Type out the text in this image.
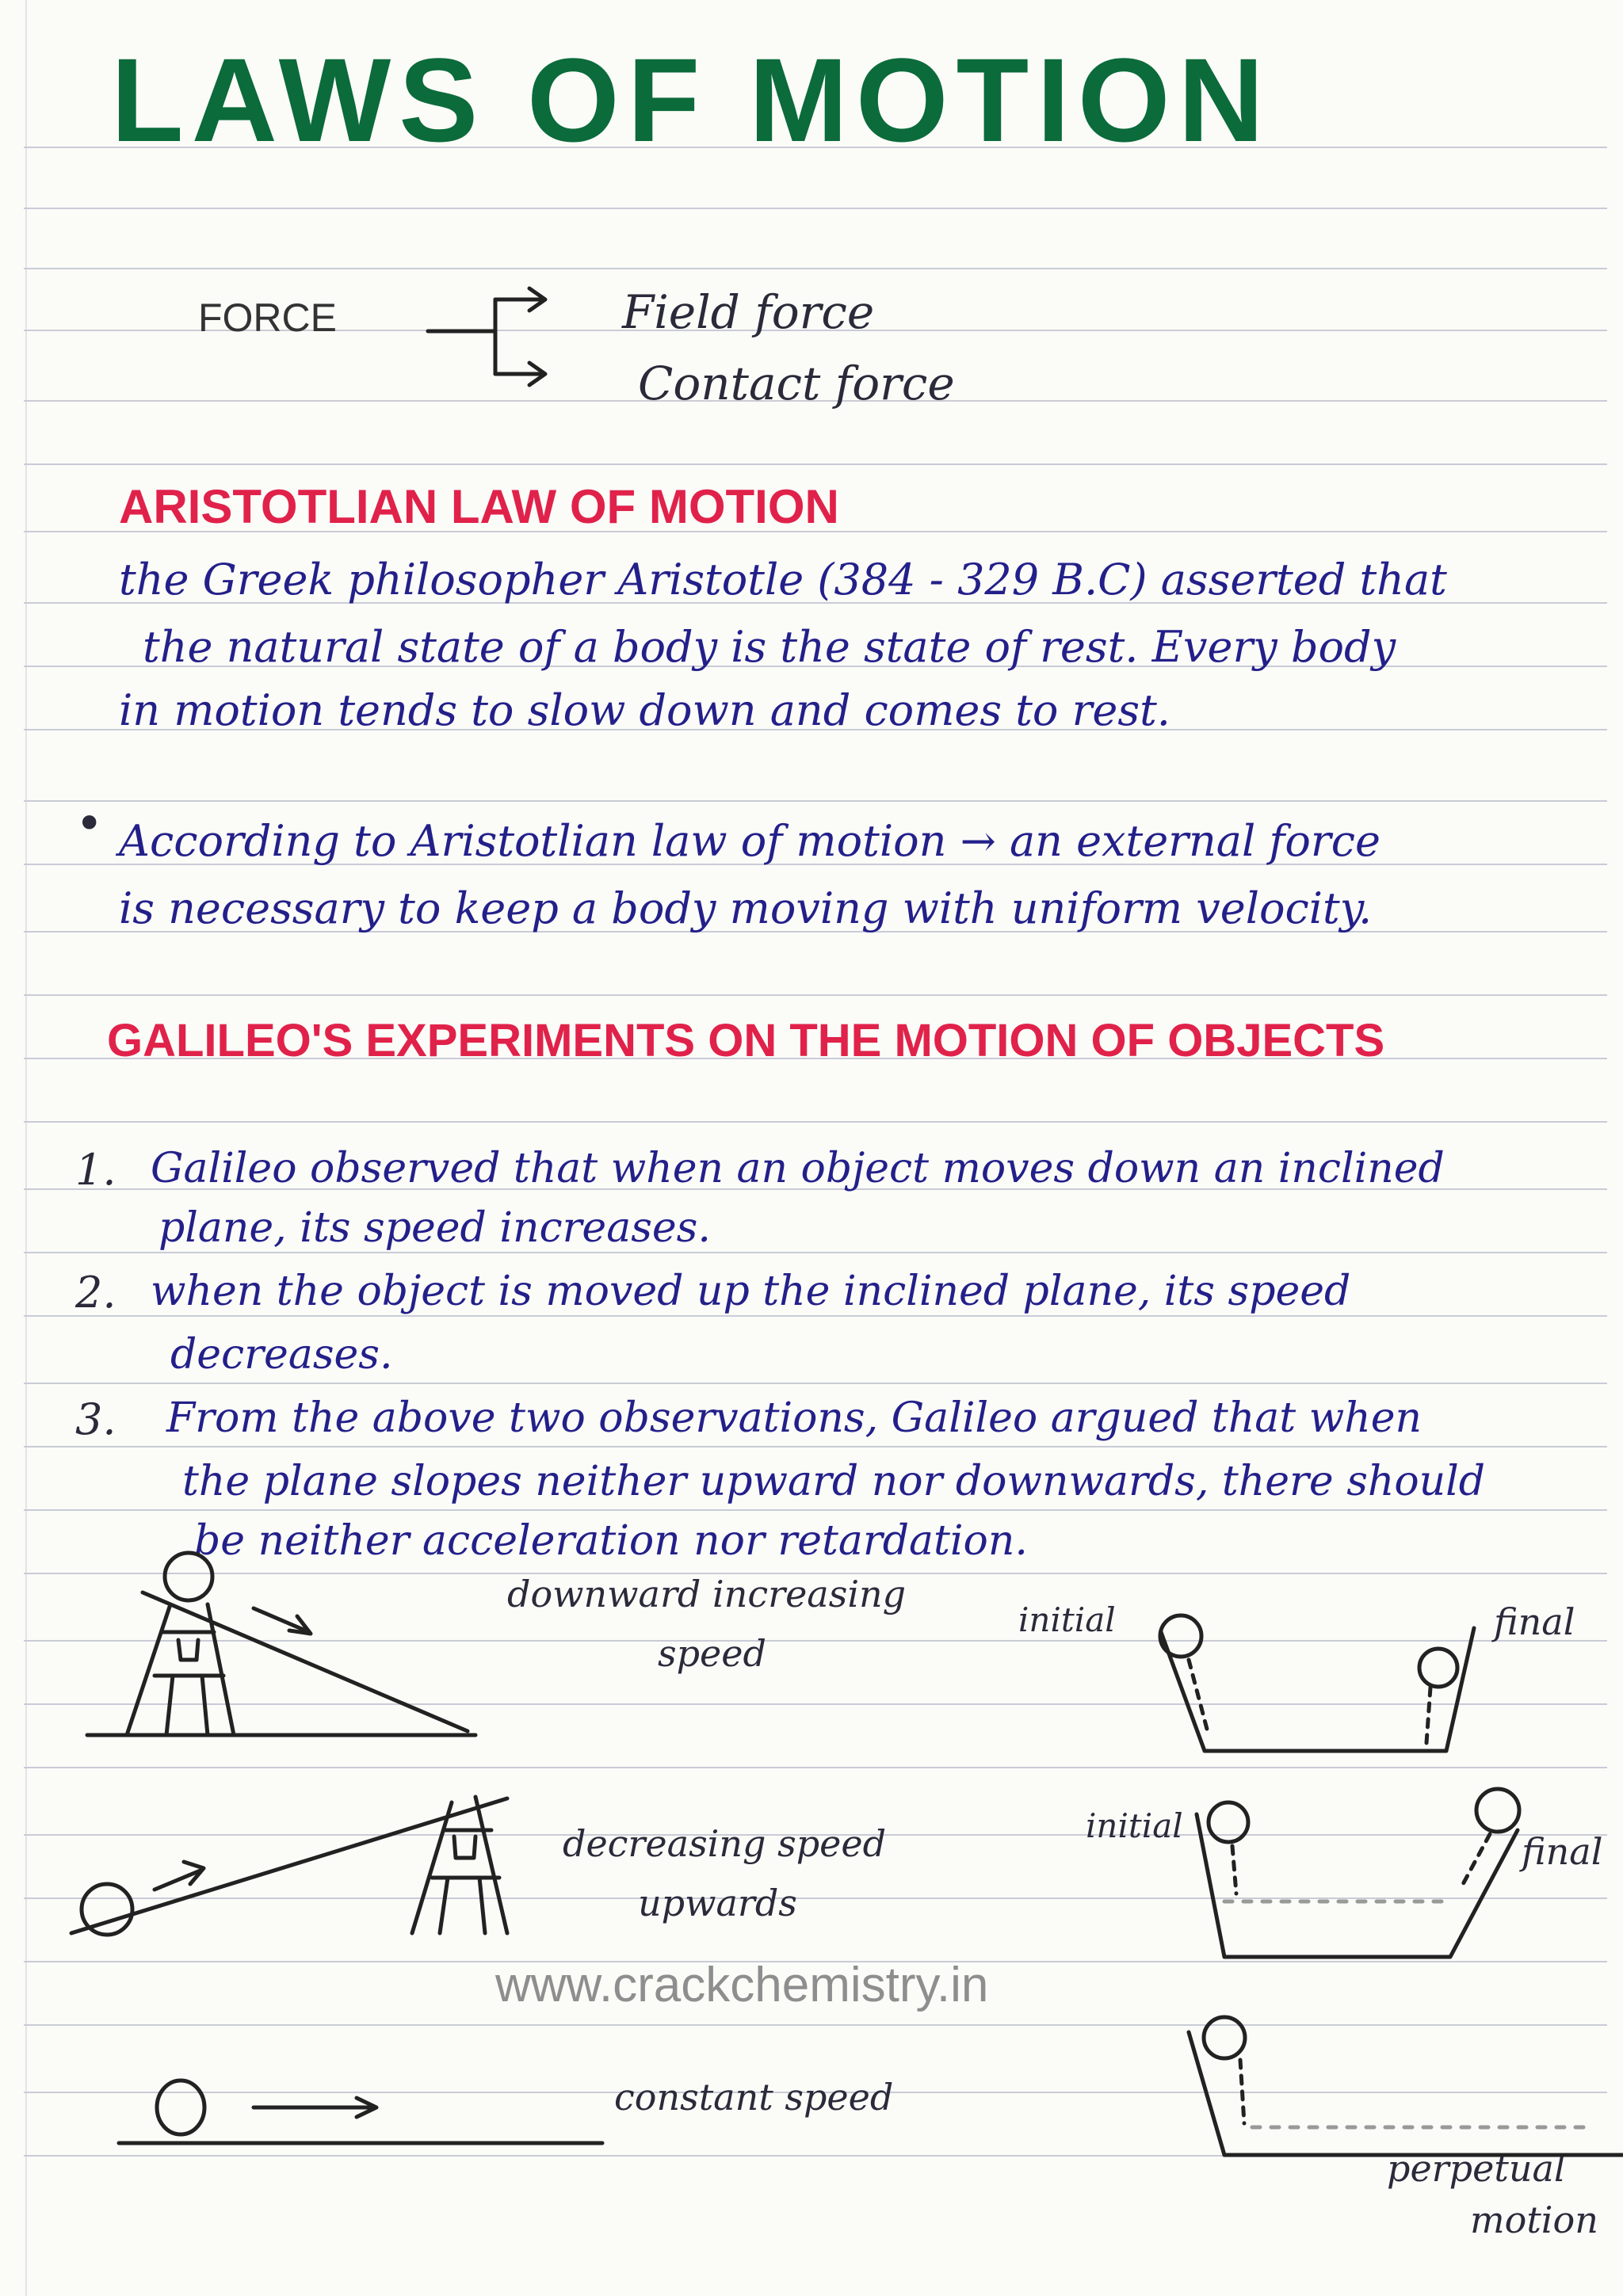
LAWS OF MOTION
FORCE	Field force
Contact force
ARISTOTLIAN LAW OF MOTION
the Greek philosopher Aristotle (384 - 329 B.C) asserted that
the natural state of a body is the state of rest. Every body
in motion tends to slow down and comes to rest.
• According to Aristotlian law of motion → an external force
is necessary to keep a body moving with uniform velocity.
GALILEO'S EXPERIMENTS ON THE MOTION OF OBJECTS
1. Galileo observed that when an object moves down an inclined
plane, its speed increases.
2. when the object is moved up the inclined plane, its speed
decreases.
3. From the above two observations, Galileo argued that when
the plane slopes neither upward nor downwards, there should
be neither acceleration nor retardation.
downward increasing
speed
initial	final
decreasing speed
upwards
initial
final
constant speed
perpetual
motion
www.crackchemistry.in
